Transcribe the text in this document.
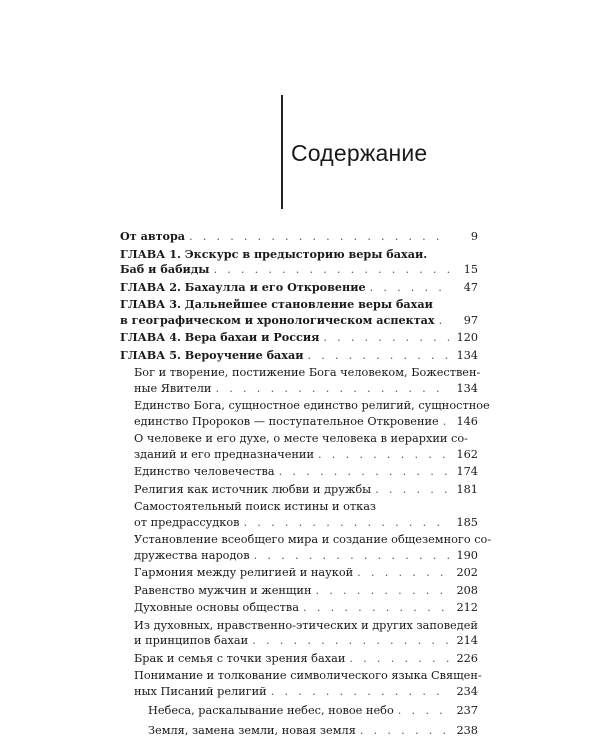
Содержание
От автора . . .	9
ГЛАВА 1. Экскурс в предысторию веры бахаи.
Баб и бабиды . . .	15
ГЛАВА 2. Бахаулла и его Откровение . . .	47
ГЛАВА 3. Дальнейшее становление веры бахаи
в географическом и хронологическом аспектах . . .	97
ГЛАВА 4. Вера бахаи и Россия . . .	120
ГЛАВА 5. Вероучение бахаи . . .	134
Бог и творение, постижение Бога человеком, Божествен-
ные Явители . . .	134
Единство Бога, сущностное единство религий, сущностное
единство Пророков — поступательное Откровение . . . 146
О человеке и его духе, о месте человека в иерархии со-
зданий и его предназначении . . .	162
Единство человечества . . .	174
Религия как источник любви и дружбы . . .	181
Самостоятельный поиск истины и отказ
от предрассудков . . .	185
Установление всеобщего мира и создание общеземного со-
дружества народов . . .	190
Гармония между религией и наукой . . .	202
Равенство мужчин и женщин . . .	208
Духовные основы общества . . .	212
Из духовных, нравственно-этических и других заповедей
и принципов бахаи . . .	214
Брак и семья с точки зрения бахаи . . .	226
Понимание и толкование символического языка Священ-
ных Писаний религий . . .	234
Небеса, раскалывание небес, новое небо . . .	237
Земля, замена земли, новая земля . . .	238
